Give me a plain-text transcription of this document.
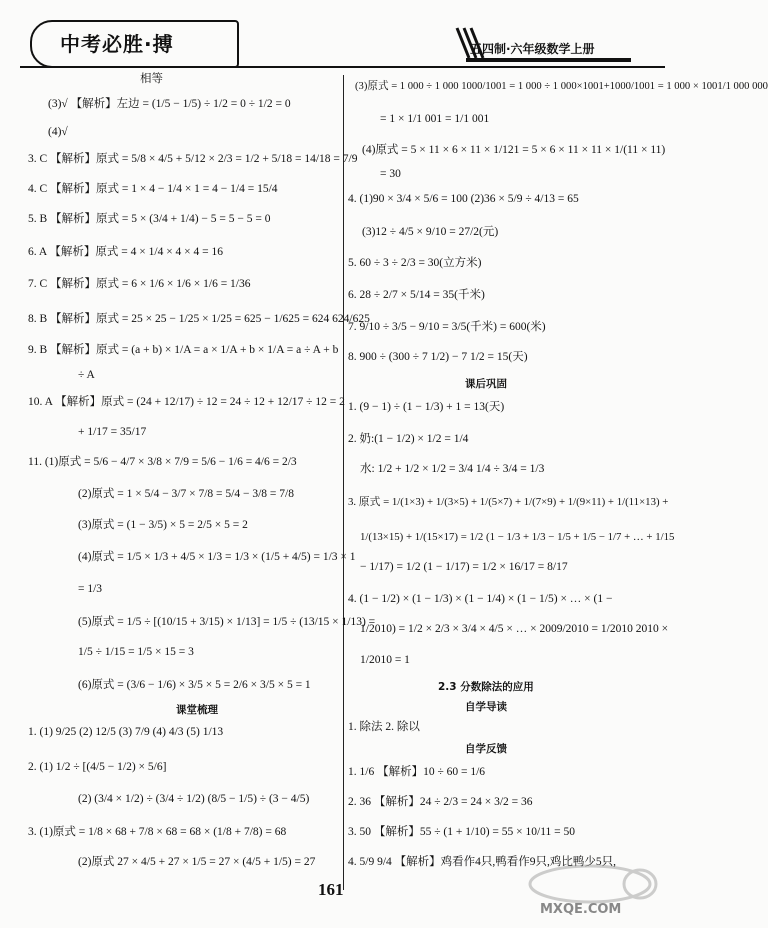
中考必胜·搏	五四制·六年级数学上册
相等
(3)√ 【解析】左边 = (1/5 − 1/5) ÷ 1/2 = 0 ÷ 1/2 = 0
(4)√
3. C 【解析】原式 = 5/8 × 4/5 + 5/12 × 2/3 = 1/2 + 5/18 = 14/18 = 7/9
4. C 【解析】原式 = 1 × 4 − 1/4 × 1 = 4 − 1/4 = 15/4
5. B 【解析】原式 = 5 × (3/4 + 1/4) − 5 = 5 − 5 = 0
6. A 【解析】原式 = 4 × 1/4 × 4 × 4 = 16
7. C 【解析】原式 = 6 × 1/6 × 1/6 × 1/6 = 1/36
8. B 【解析】原式 = 25 × 25 − 1/25 × 1/25 = 625 − 1/625 = 624 624/625
9. B 【解析】原式 = (a + b) × 1/A = a × 1/A + b × 1/A = a ÷ A + b
÷ A
10. A 【解析】原式 = (24 + 12/17) ÷ 12 = 24 ÷ 12 + 12/17 ÷ 12 = 2
+ 1/17 = 35/17
11. (1)原式 = 5/6 − 4/7 × 3/8 × 7/9 = 5/6 − 1/6 = 4/6 = 2/3
(2)原式 = 1 × 5/4 − 3/7 × 7/8 = 5/4 − 3/8 = 7/8
(3)原式 = (1 − 3/5) × 5 = 2/5 × 5 = 2
(4)原式 = 1/5 × 1/3 + 4/5 × 1/3 = 1/3 × (1/5 + 4/5) = 1/3 × 1
= 1/3
(5)原式 = 1/5 ÷ [(10/15 + 3/15) × 1/13] = 1/5 ÷ (13/15 × 1/13) =
1/5 ÷ 1/15 = 1/5 × 15 = 3
(6)原式 = (3/6 − 1/6) × 3/5 × 5 = 2/6 × 3/5 × 5 = 1
课堂梳理
1. (1) 9/25 (2) 12/5 (3) 7/9 (4) 4/3 (5) 1/13
2. (1) 1/2 ÷ [(4/5 − 1/2) × 5/6]
(2) (3/4 × 1/2) ÷ (3/4 ÷ 1/2) (8/5 − 1/5) ÷ (3 − 4/5)
3. (1)原式 = 1/8 × 68 + 7/8 × 68 = 68 × (1/8 + 7/8) = 68
(2)原式 27 × 4/5 + 27 × 1/5 = 27 × (4/5 + 1/5) = 27
(3)原式 = 1 000 ÷ 1 000 1000/1001 = 1 000 ÷ 1 000×1001+1000/1001 = 1 000 × 1001/1 000 000
= 1 × 1/1 001 = 1/1 001
(4)原式 = 5 × 11 × 6 × 11 × 1/121 = 5 × 6 × 11 × 11 × 1/(11 × 11)
= 30
4. (1)90 × 3/4 × 5/6 = 100 (2)36 × 5/9 ÷ 4/13 = 65
(3)12 ÷ 4/5 × 9/10 = 27/2(元)
5. 60 ÷ 3 ÷ 2/3 = 30(立方米)
6. 28 ÷ 2/7 × 5/14 = 35(千米)
7. 9/10 ÷ 3/5 − 9/10 = 3/5(千米) = 600(米)
8. 900 ÷ (300 ÷ 7 1/2) − 7 1/2 = 15(天)
课后巩固
1. (9 − 1) ÷ (1 − 1/3) + 1 = 13(天)
2. 奶:(1 − 1/2) × 1/2 = 1/4
水: 1/2 + 1/2 × 1/2 = 3/4 1/4 ÷ 3/4 = 1/3
3. 原式 = 1/(1×3) + 1/(3×5) + 1/(5×7) + 1/(7×9) + 1/(9×11) + 1/(11×13) +
1/(13×15) + 1/(15×17) = 1/2 (1 − 1/3 + 1/3 − 1/5 + 1/5 − 1/7 + … + 1/15
− 1/17) = 1/2 (1 − 1/17) = 1/2 × 16/17 = 8/17
4. (1 − 1/2) × (1 − 1/3) × (1 − 1/4) × (1 − 1/5) × … × (1 −
1/2010) = 1/2 × 2/3 × 3/4 × 4/5 × … × 2009/2010 = 1/2010 2010 ×
1/2010 = 1
2.3 分数除法的应用
自学导读
1. 除法 2. 除以
自学反馈
1. 1/6 【解析】10 ÷ 60 = 1/6
2. 36 【解析】24 ÷ 2/3 = 24 × 3/2 = 36
3. 50 【解析】55 ÷ (1 + 1/10) = 55 × 10/11 = 50
4. 5/9 9/4 【解析】鸡看作4只,鸭看作9只,鸡比鸭少5只,
161
MXQE.COM
